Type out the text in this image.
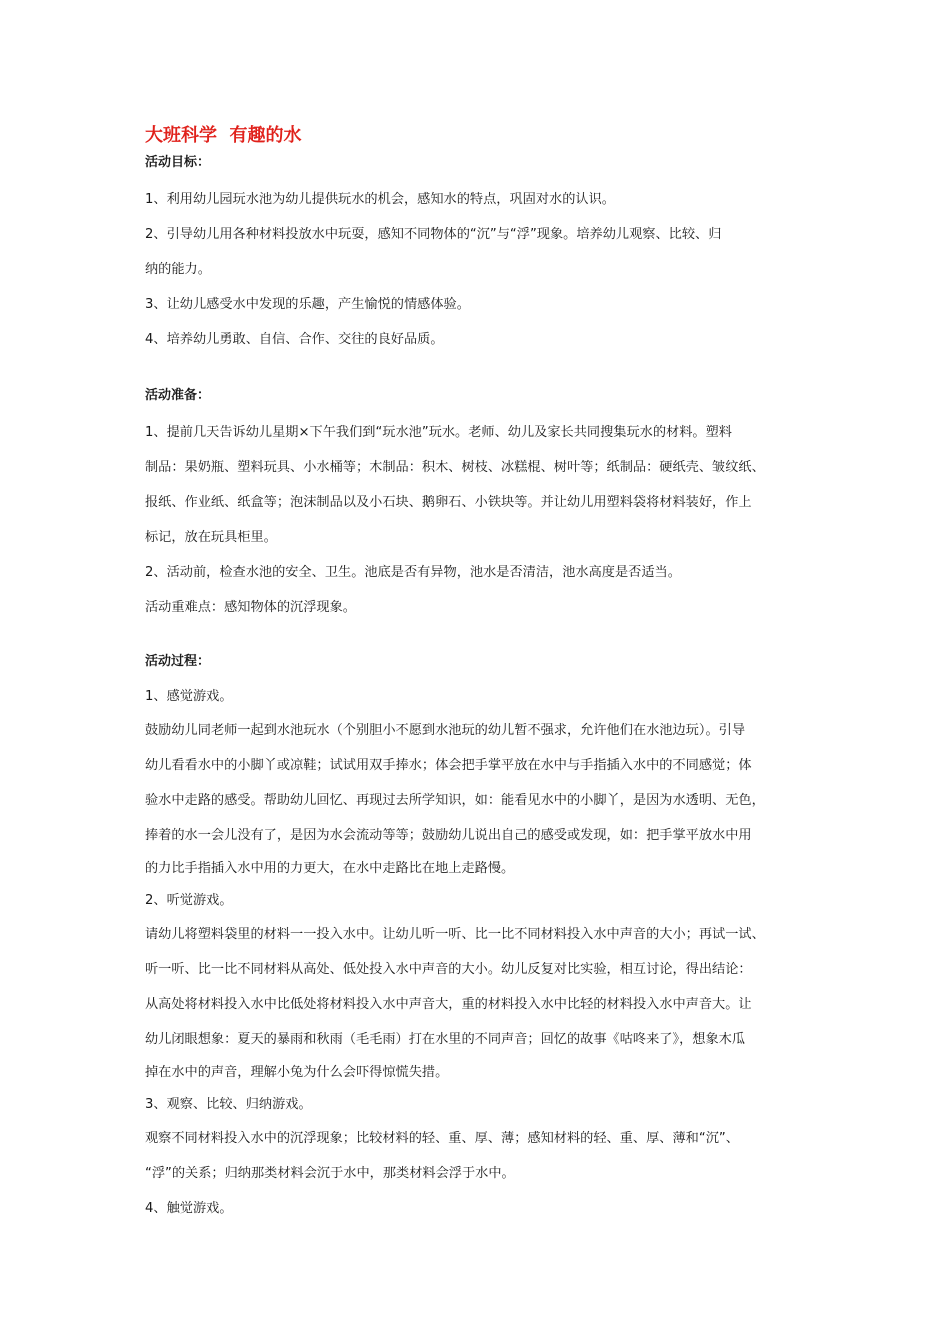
大班科学  有趣的水
活动目标：

1、利用幼儿园玩水池为幼儿提供玩水的机会，感知水的特点，巩固对水的认识。

2、引导幼儿用各种材料投放水中玩耍，感知不同物体的“沉”与“浮”现象。培养幼儿观察、比较、归

纳的能力。

3、让幼儿感受水中发现的乐趣，产生愉悦的情感体验。

4、培养幼儿勇敢、自信、合作、交往的良好品质。

活动准备：

1、提前几天告诉幼儿星期×下午我们到“玩水池”玩水。老师、幼儿及家长共同搜集玩水的材料。塑料

制品：果奶瓶、塑料玩具、小水桶等；木制品：积木、树枝、冰糕棍、树叶等；纸制品：硬纸壳、皱纹纸、

报纸、作业纸、纸盒等；泡沫制品以及小石块、鹅卵石、小铁块等。并让幼儿用塑料袋将材料装好，作上

标记，放在玩具柜里。

2、活动前，检查水池的安全、卫生。池底是否有异物，池水是否清洁，池水高度是否适当。

活动重难点：感知物体的沉浮现象。

活动过程：

1、感觉游戏。

鼓励幼儿同老师一起到水池玩水（个别胆小不愿到水池玩的幼儿暂不强求，允许他们在水池边玩）。引导

幼儿看看水中的小脚丫或凉鞋；试试用双手捧水；体会把手掌平放在水中与手指插入水中的不同感觉；体

验水中走路的感受。帮助幼儿回忆、再现过去所学知识，如：能看见水中的小脚丫，是因为水透明、无色，

捧着的水一会儿没有了，是因为水会流动等等；鼓励幼儿说出自己的感受或发现，如：把手掌平放水中用

的力比手指插入水中用的力更大，在水中走路比在地上走路慢。

2、听觉游戏。

请幼儿将塑料袋里的材料一一投入水中。让幼儿听一听、比一比不同材料投入水中声音的大小；再试一试、

听一听、比一比不同材料从高处、低处投入水中声音的大小。幼儿反复对比实验，相互讨论，得出结论：

从高处将材料投入水中比低处将材料投入水中声音大，重的材料投入水中比轻的材料投入水中声音大。让

幼儿闭眼想象：夏天的暴雨和秋雨（毛毛雨）打在水里的不同声音；回忆的故事《咕咚来了》，想象木瓜

掉在水中的声音，理解小兔为什么会吓得惊慌失措。

3、观察、比较、归纳游戏。

观察不同材料投入水中的沉浮现象；比较材料的轻、重、厚、薄；感知材料的轻、重、厚、薄和“沉”、

“浮”的关系；归纳那类材料会沉于水中，那类材料会浮于水中。

4、触觉游戏。
